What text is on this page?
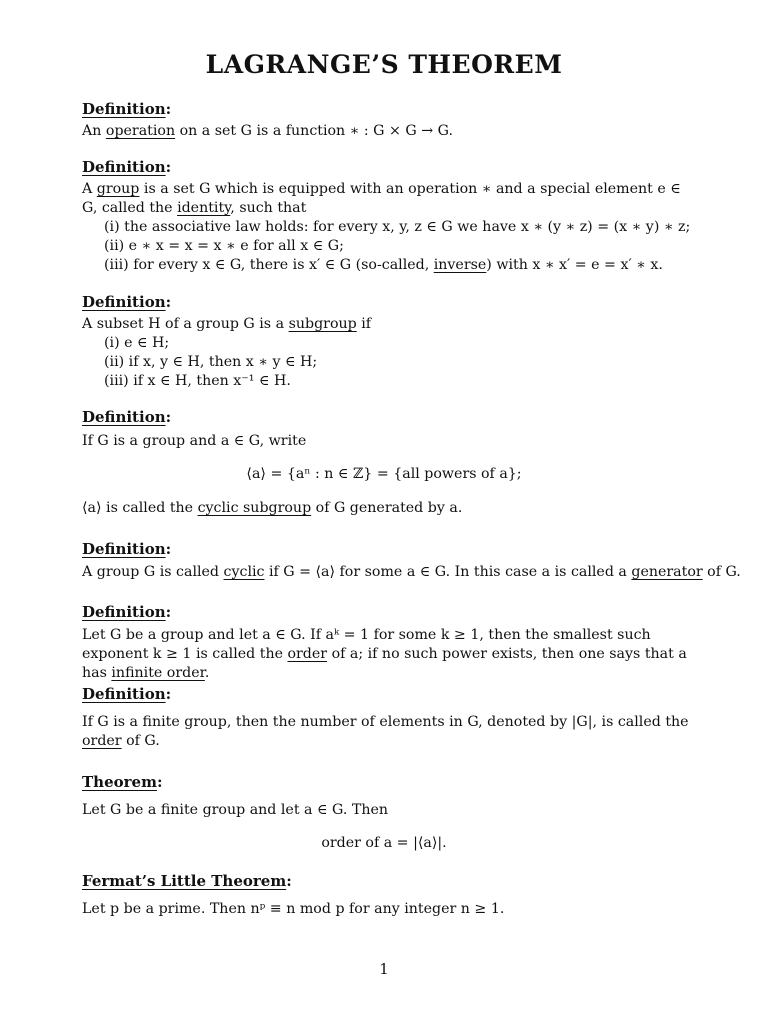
LAGRANGE’S THEOREM
Definition:
An operation on a set G is a function ∗ : G × G → G.
Definition:
A group is a set G which is equipped with an operation ∗ and a special element e ∈ G, called the identity, such that
(i) the associative law holds: for every x, y, z ∈ G we have x ∗ (y ∗ z) = (x ∗ y) ∗ z;
(ii) e ∗ x = x = x ∗ e for all x ∈ G;
(iii) for every x ∈ G, there is x′ ∈ G (so-called, inverse) with x ∗ x′ = e = x′ ∗ x.
Definition:
A subset H of a group G is a subgroup if
(i) e ∈ H;
(ii) if x, y ∈ H, then x ∗ y ∈ H;
(iii) if x ∈ H, then x⁻¹ ∈ H.
Definition:
If G is a group and a ∈ G, write
⟨a⟩ = {aⁿ : n ∈ ℤ} = {all powers of a};
⟨a⟩ is called the cyclic subgroup of G generated by a.
Definition:
A group G is called cyclic if G = ⟨a⟩ for some a ∈ G. In this case a is called a generator of G.
Definition:
Let G be a group and let a ∈ G. If aᵏ = 1 for some k ≥ 1, then the smallest such exponent k ≥ 1 is called the order of a; if no such power exists, then one says that a has infinite order.
Definition:
If G is a finite group, then the number of elements in G, denoted by |G|, is called the order of G.
Theorem:
Let G be a finite group and let a ∈ G. Then
order of a = |⟨a⟩|.
Fermat’s Little Theorem:
Let p be a prime. Then nᵖ ≡ n mod p for any integer n ≥ 1.
1
